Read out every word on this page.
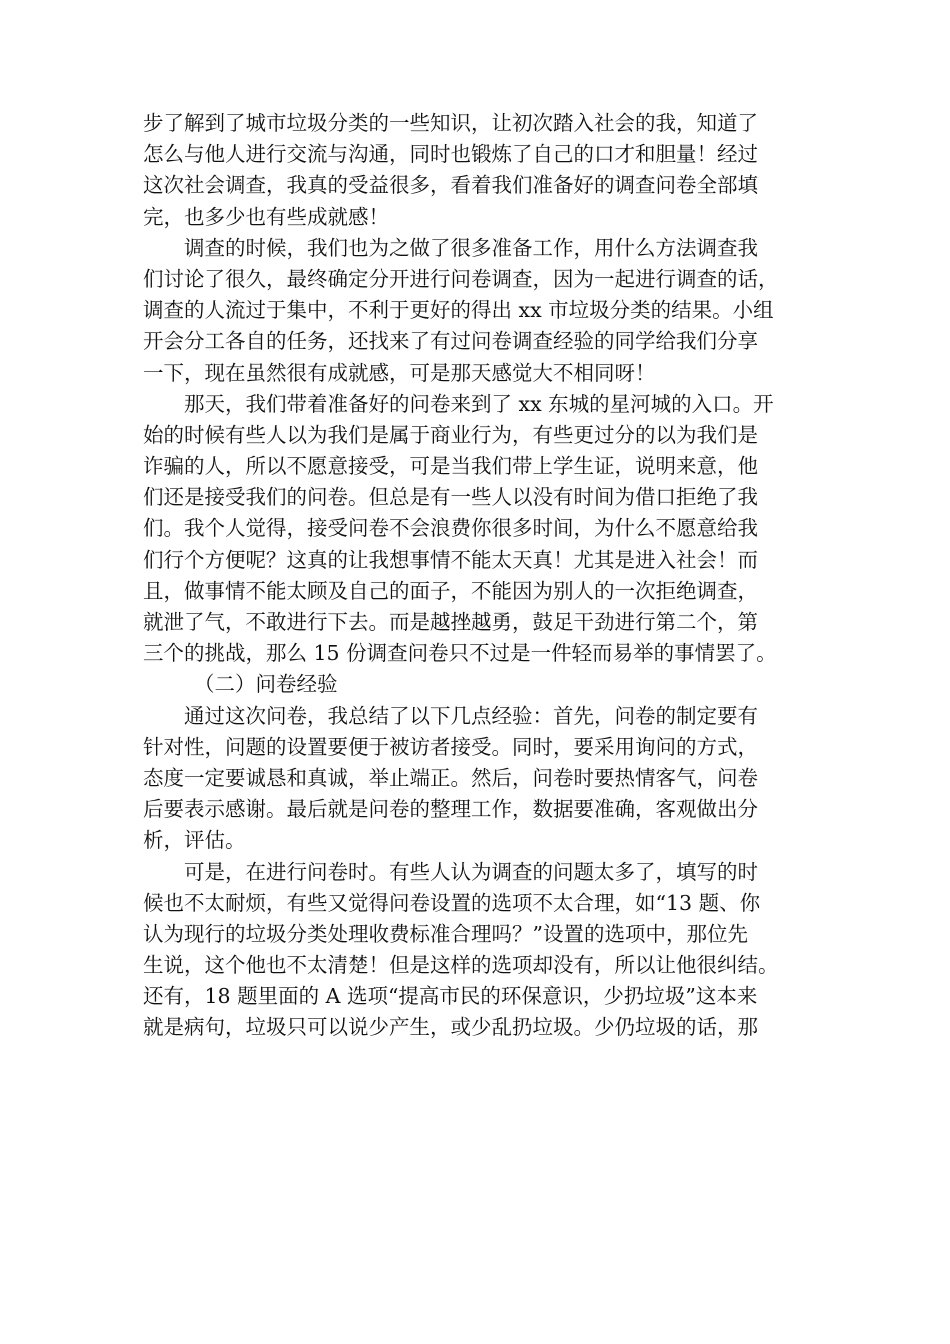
步了解到了城市垃圾分类的一些知识，让初次踏入社会的我，知道了
怎么与他人进行交流与沟通，同时也锻炼了自己的口才和胆量！经过
这次社会调查，我真的受益很多，看着我们准备好的调查问卷全部填
完，也多少也有些成就感！
调查的时候，我们也为之做了很多准备工作，用什么方法调查我
们讨论了很久，最终确定分开进行问卷调查，因为一起进行调查的话，
调查的人流过于集中，不利于更好的得出 xx 市垃圾分类的结果。小组
开会分工各自的任务，还找来了有过问卷调查经验的同学给我们分享
一下，现在虽然很有成就感，可是那天感觉大不相同呀！
那天，我们带着准备好的问卷来到了 xx 东城的星河城的入口。开
始的时候有些人以为我们是属于商业行为，有些更过分的以为我们是
诈骗的人，所以不愿意接受，可是当我们带上学生证，说明来意，他
们还是接受我们的问卷。但总是有一些人以没有时间为借口拒绝了我
们。我个人觉得，接受问卷不会浪费你很多时间，为什么不愿意给我
们行个方便呢？这真的让我想事情不能太天真！尤其是进入社会！而
且，做事情不能太顾及自己的面子，不能因为别人的一次拒绝调查，
就泄了气，不敢进行下去。而是越挫越勇，鼓足干劲进行第二个，第
三个的挑战，那么 15 份调查问卷只不过是一件轻而易举的事情罢了。
（二）问卷经验
通过这次问卷，我总结了以下几点经验：首先，问卷的制定要有
针对性，问题的设置要便于被访者接受。同时，要采用询问的方式，
态度一定要诚恳和真诚，举止端正。然后，问卷时要热情客气，问卷
后要表示感谢。最后就是问卷的整理工作，数据要准确，客观做出分
析，评估。
可是，在进行问卷时。有些人认为调查的问题太多了，填写的时
候也不太耐烦，有些又觉得问卷设置的选项不太合理，如“13 题、你
认为现行的垃圾分类处理收费标准合理吗？”设置的选项中，那位先
生说，这个他也不太清楚！但是这样的选项却没有，所以让他很纠结。
还有，18 题里面的 A 选项“提高市民的环保意识，少扔垃圾”这本来
就是病句，垃圾只可以说少产生，或少乱扔垃圾。少仍垃圾的话，那
